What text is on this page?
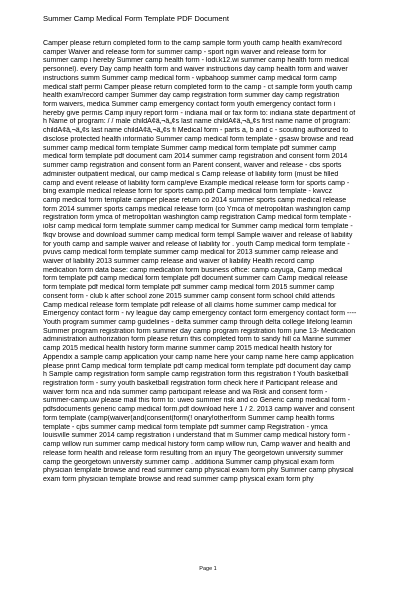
Summer Camp Medical Form Template PDF Document
Camper please return completed form to the camp sample form youth camp health exam/record
camper Waiver and release form for summer camp - sport ngin waiver and release form for
summer camp i hereby Summer camp health form - lodi.k12.wi summer camp health form medical
personnel). every Day camp health form and waiver instructions day camp health form and waiver
instructions summ Summer camp medical form - wpbahoop summer camp medical form camp
medical staff permi Camper please return completed form to the camp - ct sample form youth camp
health exam/record camper Summer day camp registration form summer day camp registration
form waivers, medica Summer camp emergency contact form youth emergency contact form i
hereby give permis Camp injury report form - indiana mail or fax form to: indiana state department of
h Name of program: / / male childÃ¢â‚¬â„¢s last name childÃ¢â‚¬â„¢s first name name of program:
childÃ¢â‚¬â„¢s last name childÃ¢â‚¬â„¢s fi Medical form - parts a, b and c - scouting authorized to
disclose protected health informatio Summer camp medical form template - gsasw browse and read
summer camp medical form template Summer camp medical form template pdf summer camp
medical form template pdf document cam 2014 summer camp registration and consent form 2014
summer camp registration and consent form an Parent consent, waiver and release - cbs sports
administer outpatient medical, our camp medical s Camp release of liability form (must be filled
camp and event release of liability form camp/eve Example medical release form for sports camp -
bing example medical release form for sports camp.pdf Camp medical form template - kwvcz
camp medical form template camper please return co 2014 summer sports camp medical release
form 2014 summer sports camps medical release form (co Ymca of metropolitan washington camp
registration form ymca of metropolitan washington camp registration Camp medical form template -
iolsr camp medical form template summer camp medical for Summer camp medical form template -
fkqv browse and download summer camp medical form templ Sample waiver and release of liability
for youth camp and sample waiver and release of liability for . youth Camp medical form template -
pvuvs camp medical form template summer camp medical for 2013 summer camp release and
waiver of liability 2013 summer camp release and waiver of liability Health record camp
medication form data base: camp medication form business office: camp cayuga, Camp medical
form template pdf camp medical form template pdf document summer cam Camp medical release
form template pdf medical form template pdf summer camp medical form 2015 summer camp
consent form - club k after school zone 2015 summer camp consent form school child attends
Camp medical release form template pdf release of all claims home summer camp medical for
Emergency contact form - ivy league day camp emergency contact form emergency contact form ----
Youth program summer camp guidelines - delta summer camp through delta college lifelong learnin
Summer program registration form summer day camp program registration form june 13- Medication
administration authorization form please return this completed form to sandy hill ca Marine summer
camp 2015 medical health history form marine summer camp 2015 medical health history for
Appendix a sample camp application your camp name here your camp name here camp application
please print Camp medical form template pdf camp medical form template pdf document day camp
h Sample camp registration form sample camp registration form this registration f Youth basketball
registration form - surry youth basketball registration form check here if Participant release and
waiver form nca and nda summer camp participant release and wa Risk and consent form -
summer-camp.uw please mail this form to: uweo summer risk and co Generic camp medical form -
pdfsdocuments generic camp medical form.pdf download here 1 / 2. 2013 camp waiver and consent
form template (camp(waiver(and(consent(form(! onary!other!form Summer camp health forms
template - cjbs summer camp medical form template pdf summer camp Registration - ymca
louisville summer 2014 camp registration i understand that m Summer camp medical history form -
camp willow run summer camp medical history form camp willow run, Camp waiver and health and
release form health and release form resulting from an injury The georgetown university summer
camp the georgetown university summer camp . additiona Summer camp physical exam form
physician template browse and read summer camp physical exam form phy Summer camp physical
exam form physician template browse and read summer camp physical exam form phy
Page 1
